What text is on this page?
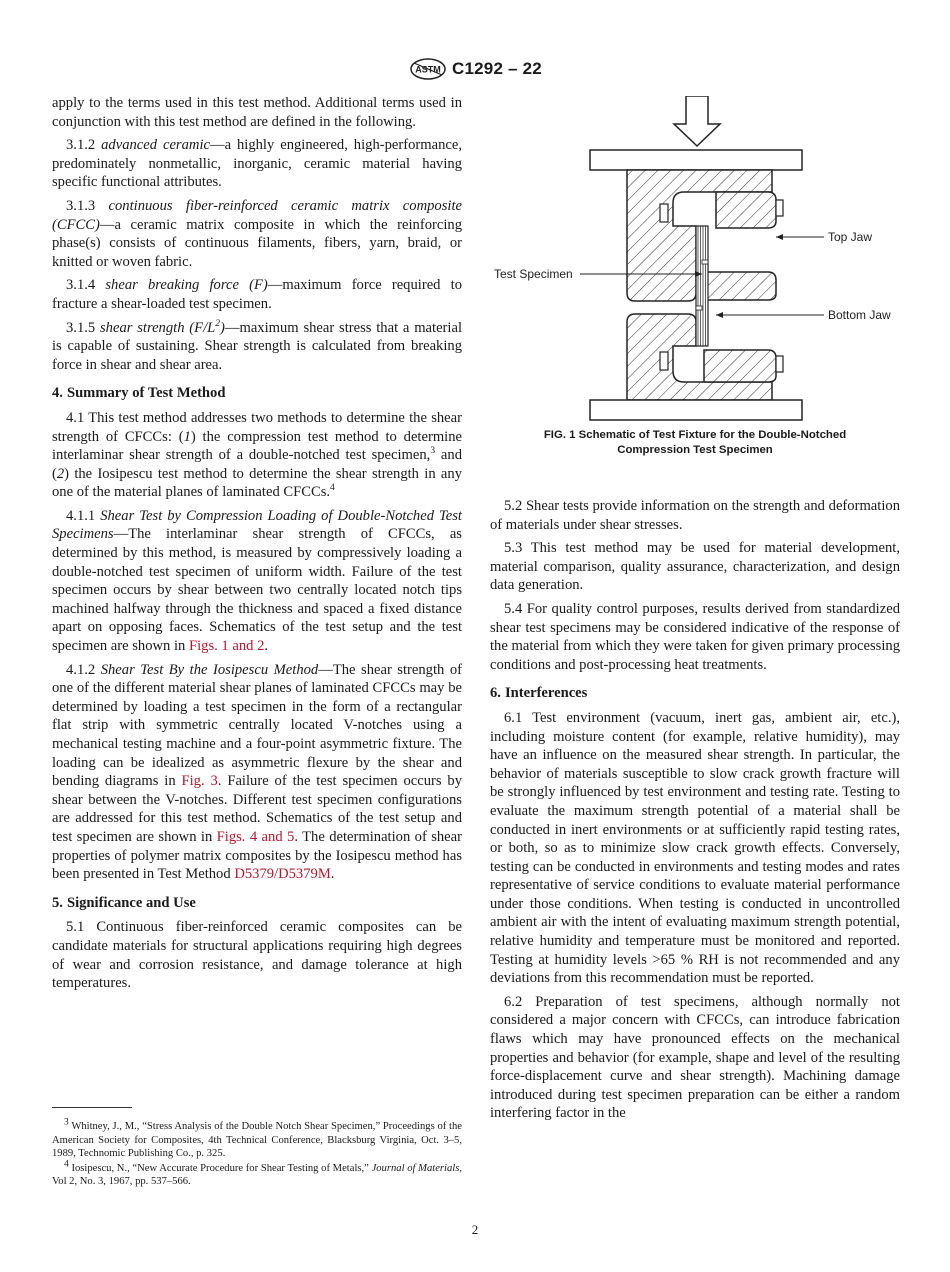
ASTM C1292 – 22

apply to the terms used in this test method. Additional terms used in conjunction with this test method are defined in the following.

3.1.2 advanced ceramic—a highly engineered, high-performance, predominately nonmetallic, inorganic, ceramic material having specific functional attributes.

3.1.3 continuous fiber-reinforced ceramic matrix composite (CFCC)—a ceramic matrix composite in which the reinforcing phase(s) consists of continuous filaments, fibers, yarn, braid, or knitted or woven fabric.

3.1.4 shear breaking force (F)—maximum force required to fracture a shear-loaded test specimen.

3.1.5 shear strength $(F/L^2)—maximum$ shear stress that a material is capable of sustaining. Shear strength is calculated from breaking force in shear and shear area.

4. Summary of Test Method

4.1 This test method addresses two methods to determine the shear strength of CFCCs: (1) the compression test method to determine interlaminar shear strength of a double-notched test specimen,$^3$ and (2) the Iosipescu test method to determine the shear strength in any one of the material planes of laminated CFCCs.$^4$

4.1.1 Shear Test by Compression Loading of Double-Notched Test Specimens—The interlaminar shear strength of CFCCs, as determined by this method, is measured by compressively loading a double-notched test specimen of uniform width. Failure of the test specimen occurs by shear between two centrally located notch tips machined halfway through the thickness and spaced a fixed distance apart on opposing faces. Schematics of the test setup and the test specimen are shown in Figs. 1 and 2.

4.1.2 Shear Test By the Iosipescu Method—The shear strength of one of the different material shear planes of laminated CFCCs may be determined by loading a test specimen in the form of a rectangular flat strip with symmetric centrally located V-notches using a mechanical testing machine and a four-point asymmetric fixture. The loading can be idealized as asymmetric flexure by the shear and bending diagrams in Fig. 3. Failure of the test specimen occurs by shear between the V-notches. Different test specimen configurations are addressed for this test method. Schematics of the test setup and test specimen are shown in Figs. 4 and 5. The determination of shear properties of polymer matrix composites by the Iosipescu method has been presented in Test Method D5379/D5379M.

5. Significance and Use

5.1 Continuous fiber-reinforced ceramic composites can be candidate materials for structural applications requiring high degrees of wear and corrosion resistance, and damage tolerance at high temperatures.

$^3$ Whitney, J., M., “Stress Analysis of the Double Notch Shear Specimen,” Proceedings of the American Society for Composites, 4th Technical Conference, Blacksburg Virginia, Oct. 3–5, 1989, Technomic Publishing Co., p. 325.

$^4$ Iosipescu, N., “New Accurate Procedure for Shear Testing of Metals,” Journal of Materials, Vol 2, No. 3, 1967, pp. 537–566.

Top Jaw
Test Specimen
Bottom Jaw
FIG. 1 Schematic of Test Fixture for the Double-Notched
Compression Test Specimen

5.2 Shear tests provide information on the strength and deformation of materials under shear stresses.

5.3 This test method may be used for material development, material comparison, quality assurance, characterization, and design data generation.

5.4 For quality control purposes, results derived from standardized shear test specimens may be considered indicative of the response of the material from which they were taken for given primary processing conditions and post-processing heat treatments.

6. Interferences

6.1 Test environment (vacuum, inert gas, ambient air, etc.), including moisture content (for example, relative humidity), may have an influence on the measured shear strength. In particular, the behavior of materials susceptible to slow crack growth fracture will be strongly influenced by test environment and testing rate. Testing to evaluate the maximum strength potential of a material shall be conducted in inert environments or at sufficiently rapid testing rates, or both, so as to minimize slow crack growth effects. Conversely, testing can be conducted in environments and testing modes and rates representative of service conditions to evaluate material performance under those conditions. When testing is conducted in uncontrolled ambient air with the intent of evaluating maximum strength potential, relative humidity and temperature must be monitored and reported. Testing at humidity levels >65 % RH is not recommended and any deviations from this recommendation must be reported.

6.2 Preparation of test specimens, although normally not considered a major concern with CFCCs, can introduce fabrication flaws which may have pronounced effects on the mechanical properties and behavior (for example, shape and level of the resulting force-displacement curve and shear strength). Machining damage introduced during test specimen preparation can be either a random interfering factor in the

2
